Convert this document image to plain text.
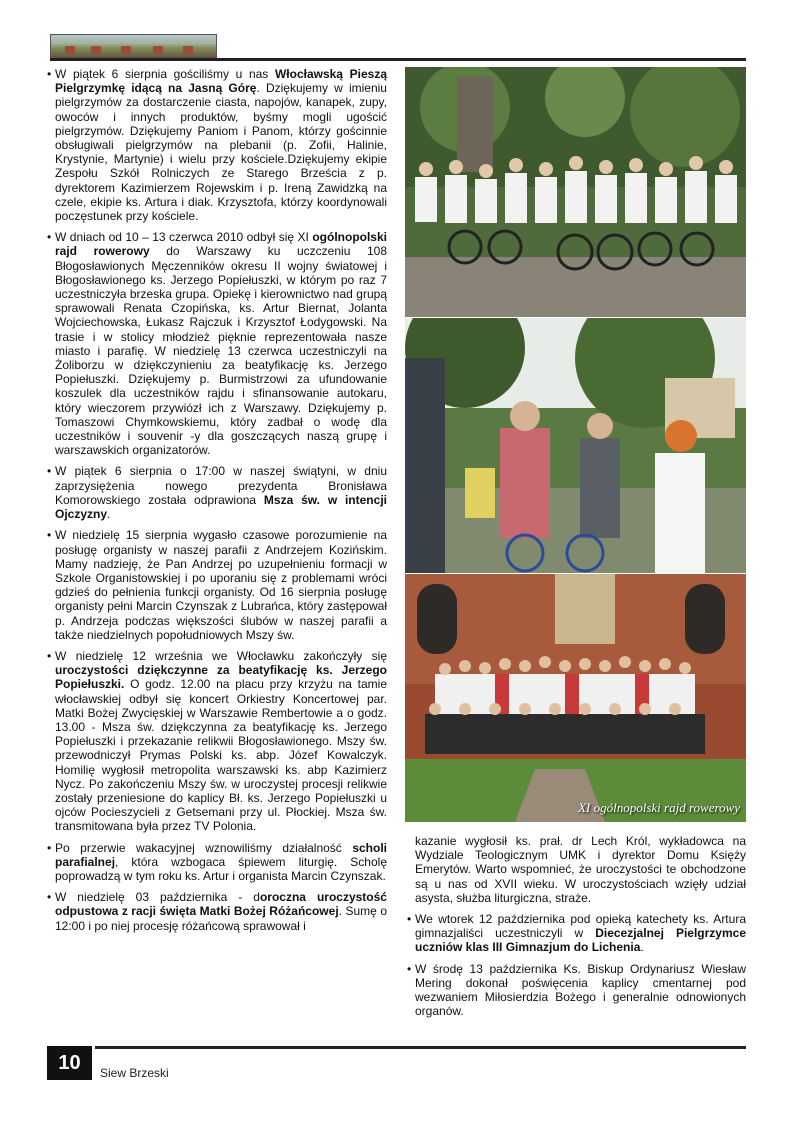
• W piątek 6 sierpnia gościliśmy u nas Włocławską Pieszą Pielgrzymkę idącą na Jasną Górę. Dziękujemy w imieniu pielgrzymów za dostarczenie ciasta, napojów, kanapek, zupy, owoców i innych produktów, byśmy mogli ugościć pielgrzymów. Dziękujemy Paniom i Panom, którzy gościnnie obsługiwali pielgrzymów na plebanii (p. Zofii, Halinie, Krystynie, Martynie) i wielu przy kościele.Dziękujemy ekipie Zespołu Szkół Rolniczych ze Starego Brześcia z p. dyrektorem Kazimierzem Rojewskim i p. Ireną Zawidzką na czele, ekipie ks. Artura i diak. Krzysztofa, którzy koordynowali poczęstunek przy kościele.
• W dniach od 10 – 13 czerwca 2010 odbył się XI ogólnopolski rajd rowerowy do Warszawy ku uczczeniu 108 Błogosławionych Męczenników okresu II wojny światowej i Błogosławionego ks. Jerzego Popiełuszki, w którym po raz 7 uczestniczyła brzeska grupa. Opiekę i kierownictwo nad grupą sprawowali Renata Czopińska, ks. Artur Biernat, Jolanta Wojciechowska, Łukasz Rajczuk i Krzysztof Łodygowski. Na trasie i w stolicy młodzież pięknie reprezentowała nasze miasto i parafię. W niedzielę 13 czerwca uczestniczyli na Żoliborzu w dziękczynieniu za beatyfikację ks. Jerzego Popiełuszki. Dziękujemy p. Burmistrzowi za ufundowanie koszulek dla uczestników rajdu i sfinansowanie autokaru, który wieczorem przywiózł ich z Warszawy. Dziękujemy p. Tomaszowi Chymkowskiemu, który zadbał o wodę dla uczestników i souvenir -y dla goszczących naszą grupę i warszawskich organizatorów.
• W piątek 6 sierpnia o 17:00 w naszej świątyni, w dniu zaprzysiężenia nowego prezydenta Bronisława Komorowskiego została odprawiona Msza św. w intencji Ojczyzny.
• W niedzielę 15 sierpnia wygasło czasowe porozumienie na posługę organisty w naszej parafii z Andrzejem Kozińskim. Mamy nadzieję, że Pan Andrzej po uzupełnieniu formacji w Szkole Organistowskiej i po uporaniu się z problemami wróci gdzieś do pełnienia funkcji organisty. Od 16 sierpnia posługę organisty pełni Marcin Czynszak z Lubrańca, który zastępował p. Andrzeja podczas większości ślubów w naszej parafii a także niedzielnych popołudniowych Mszy św.
• W niedzielę 12 września we Włocławku zakończyły się uroczystości dziękczynne za beatyfikację ks. Jerzego Popiełuszki. O godz. 12.00 na placu przy krzyżu na tamie włocławskiej odbył się koncert Orkiestry Koncertowej par. Matki Bożej Zwycięskiej w Warszawie Rembertowie a o godz. 13.00 - Msza św. dziękczynna za beatyfikację ks. Jerzego Popiełuszki i przekazanie relikwii Błogosławionego. Mszy św. przewodniczył Prymas Polski ks. abp. Józef Kowalczyk. Homilię wygłosił metropolita warszawski ks. abp Kazimierz Nycz. Po zakończeniu Mszy św. w uroczystej procesji relikwie zostały przeniesione do kaplicy Bł. ks. Jerzego Popiełuszki u ojców Pocieszycieli z Getsemani przy ul. Płockiej. Msza św. transmitowana była przez TV Polonia.
• Po przerwie wakacyjnej wznowiliśmy działalność scholi parafialnej, która wzbogaca śpiewem liturgię. Scholę poprowadzą w tym roku ks. Artur i organista Marcin Czynszak.
• W niedzielę 03 października - doroczna uroczystość odpustowa z racji święta Matki Bożej Różańcowej. Sumę o 12:00 i po niej procesję różańcową sprawował i
XI ogólnopolski rajd rowerowy
kazanie wygłosił ks. prał. dr Lech Król, wykładowca na Wydziale Teologicznym UMK i dyrektor Domu Księży Emerytów. Warto wspomnieć, że uroczystości te obchodzone są u nas od XVII wieku. W uroczystościach wzięły udział asysta, służba liturgiczna, straże.
• We wtorek 12 października pod opieką katechety ks. Artura gimnazjaliści uczestniczyli w Diecezjalnej Pielgrzymce uczniów klas III Gimnazjum do Lichenia.
• W środę 13 października Ks. Biskup Ordynariusz Wiesław Mering dokonał poświęcenia kaplicy cmentarnej pod wezwaniem Miłosierdzia Bożego i generalnie odnowionych organów.
10	Siew Brzeski
